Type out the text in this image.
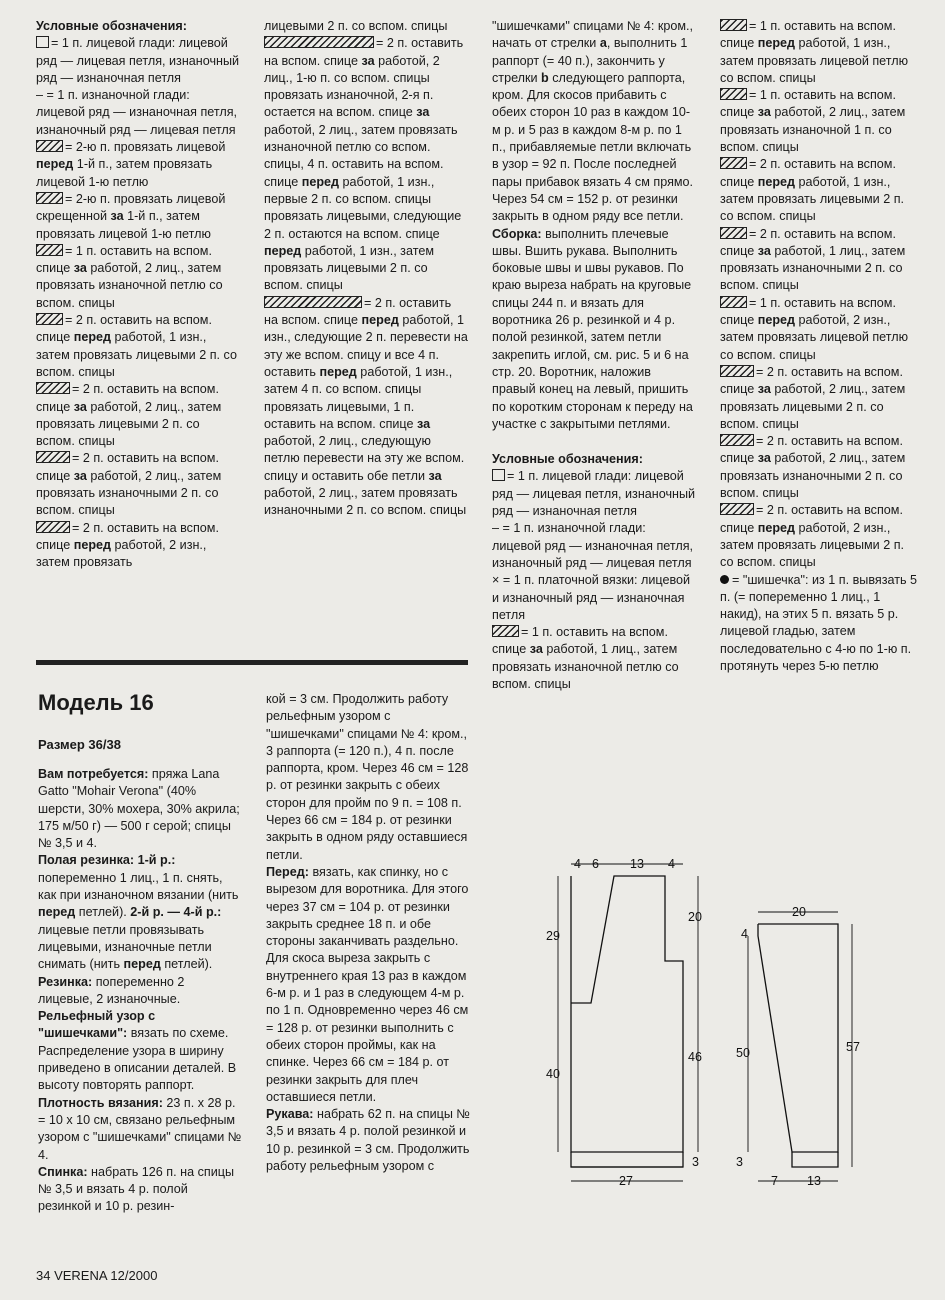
Условные обозначения:

= 1 п. лицевой глади: лицевой ряд — лицевая петля, изнаночный ряд — изнаночная петля

– = 1 п. изнаночной глади: лицевой ряд — изнаночная петля, изнаночный ряд — лицевая петля

= 2-ю п. провязать лицевой перед 1-й п., затем провязать лицевой 1-ю петлю

= 2-ю п. провязать лицевой скрещенной за 1-й п., затем провязать лицевой 1-ю петлю

= 1 п. оставить на вспом. спице за работой, 2 лиц., затем провязать изнаночной петлю со вспом. спицы

= 2 п. оставить на вспом. спице перед работой, 1 изн., затем провязать лицевыми 2 п. со вспом. спицы

= 2 п. оставить на вспом. спице за работой, 2 лиц., затем провязать лицевыми 2 п. со вспом. спицы

= 2 п. оставить на вспом. спице за работой, 2 лиц., затем провязать изнаночными 2 п. со вспом. спицы

= 2 п. оставить на вспом. спице перед работой, 2 изн., затем провязать

лицевыми 2 п. со вспом. спицы

= 2 п. оставить на вспом. спице за работой, 2 лиц., 1-ю п. со вспом. спицы провязать изнаночной, 2-я п. остается на вспом. спице за работой, 2 лиц., затем провязать изнаночной петлю со вспом. спицы, 4 п. оставить на вспом. спице перед работой, 1 изн., первые 2 п. со вспом. спицы провязать лицевыми, следующие 2 п. остаются на вспом. спице перед работой, 1 изн., затем провязать лицевыми 2 п. со вспом. спицы

= 2 п. оставить на вспом. спице перед работой, 1 изн., следующие 2 п. перевести на эту же вспом. спицу и все 4 п. оставить перед работой, 1 изн., затем 4 п. со вспом. спицы провязать лицевыми, 1 п. оставить на вспом. спице за работой, 2 лиц., следующую петлю перевести на эту же вспом. спицу и оставить обе петли за работой, 2 лиц., затем провязать изнаночными 2 п. со вспом. спицы

"шишечками" спицами № 4: кром., начать от стрелки a, выполнить 1 раппорт (= 40 п.), закончить у стрелки b следующего раппорта, кром. Для скосов прибавить с обеих сторон 10 раз в каждом 10-м р. и 5 раз в каждом 8-м р. по 1 п., прибавляемые петли включать в узор = 92 п. После последней пары прибавок вязать 4 см прямо. Через 54 см = 152 р. от резинки закрыть в одном ряду все петли.

Сборка: выполнить плечевые швы. Вшить рукава. Выполнить боковые швы и швы рукавов. По краю выреза набрать на круговые спицы 244 п. и вязать для воротника 26 р. резинкой и 4 р. полой резинкой, затем петли закрепить иглой, см. рис. 5 и 6 на стр. 20. Воротник, наложив правый конец на левый, пришить по коротким сторонам к переду на участке с закрытыми петлями.

Условные обозначения:

= 1 п. лицевой глади: лицевой ряд — лицевая петля, изнаночный ряд — изнаночная петля

– = 1 п. изнаночной глади: лицевой ряд — изнаночная петля, изнаночный ряд — лицевая петля

× = 1 п. платочной вязки: лицевой и изнаночный ряд — изнаночная петля

= 1 п. оставить на вспом. спице за работой, 1 лиц., затем провязать изнаночной петлю со вспом. спицы

= 1 п. оставить на вспом. спице перед работой, 1 изн., затем провязать лицевой петлю со вспом. спицы

= 1 п. оставить на вспом. спице за работой, 2 лиц., затем провязать изнаночной 1 п. со вспом. спицы

= 2 п. оставить на вспом. спице перед работой, 1 изн., затем провязать лицевыми 2 п. со вспом. спицы

= 2 п. оставить на вспом. спице за работой, 1 лиц., затем провязать изнаночными 2 п. со вспом. спицы

= 1 п. оставить на вспом. спице перед работой, 2 изн., затем провязать лицевой петлю со вспом. спицы

= 2 п. оставить на вспом. спице за работой, 2 лиц., затем провязать лицевыми 2 п. со вспом. спицы

= 2 п. оставить на вспом. спице за работой, 2 лиц., затем провязать изнаночными 2 п. со вспом. спицы

= 2 п. оставить на вспом. спице перед работой, 2 изн., затем провязать лицевыми 2 п. со вспом. спицы

= "шишечка": из 1 п. вывязать 5 п. (= попеременно 1 лиц., 1 накид), на этих 5 п. вязать 5 р. лицевой гладью, затем последовательно с 4-ю по 1-ю п. протянуть через 5-ю петлю

Модель 16
Размер 36/38

Вам потребуется: пряжа Lana Gatto "Mohair Verona" (40% шерсти, 30% мохера, 30% акрила; 175 м/50 г) — 500 г серой; спицы № 3,5 и 4.

Полая резинка: 1-й р.: попеременно 1 лиц., 1 п. снять, как при изнаночном вязании (нить перед петлей). 2-й р. — 4-й р.: лицевые петли провязывать лицевыми, изнаночные петли снимать (нить перед петлей).

Резинка: попеременно 2 лицевые, 2 изнаночные.

Рельефный узор с "шишечками": вязать по схеме. Распределение узора в ширину приведено в описании деталей. В высоту повторять раппорт.

Плотность вязания: 23 п. x 28 р. = 10 x 10 см, связано рельефным узором с "шишечками" спицами № 4.

Спинка: набрать 126 п. на спицы № 3,5 и вязать 4 р. полой резинкой и 10 р. резин-

кой = 3 см. Продолжить работу рельефным узором с "шишечками" спицами № 4: кром., 3 раппорта (= 120 п.), 4 п. после раппорта, кром. Через 46 см = 128 р. от резинки закрыть с обеих сторон для пройм по 9 п. = 108 п. Через 66 см = 184 р. от резинки закрыть в одном ряду оставшиеся петли.

Перед: вязать, как спинку, но с вырезом для воротника. Для этого через 37 см = 104 р. от резинки закрыть среднее 18 п. и обе стороны заканчивать раздельно. Для скоса выреза закрыть с внутреннего края 13 раз в каждом 6-м р. и 1 раз в следующем 4-м р. по 1 п. Одновременно через 46 см = 128 р. от резинки выполнить с обеих сторон проймы, как на спинке. Через 66 см = 184 р. от резинки закрыть для плеч оставшиеся петли.

Рукава: набрать 62 п. на спицы № 3,5 и вязать 4 р. полой резинкой и 10 р. резинкой = 3 см. Продолжить работу рельефным узором с

4 6 13 4
29
40
20
46
27
3
20
4
50	57
3
7 13
34 VERENA 12/2000
